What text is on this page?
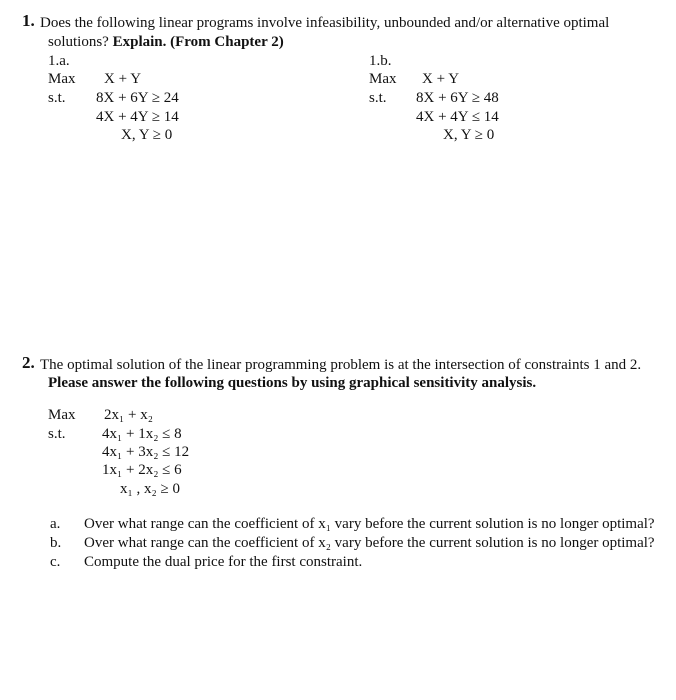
1. Does the following linear programs involve infeasibility, unbounded and/or alternative optimal
solutions? Explain. (From Chapter 2)
1.a.
Max X + Y
s.t. 8X + 6Y ≥ 24
4X + 4Y ≥ 14
X, Y ≥ 0
1.b.
Max X + Y
s.t. 8X + 6Y ≥ 48
4X + 4Y ≤ 14
X, Y ≥ 0
2. The optimal solution of the linear programming problem is at the intersection of constraints 1 and 2.
Please answer the following questions by using graphical sensitivity analysis.
Max 2x₁ + x₂
s.t. 4x₁ + 1x₂ ≤ 8
4x₁ + 3x₂ ≤ 12
1x₁ + 2x₂ ≤ 6
x₁ , x₂ ≥ 0
a. Over what range can the coefficient of x₁ vary before the current solution is no longer optimal?
b. Over what range can the coefficient of x₂ vary before the current solution is no longer optimal?
c. Compute the dual price for the first constraint.
